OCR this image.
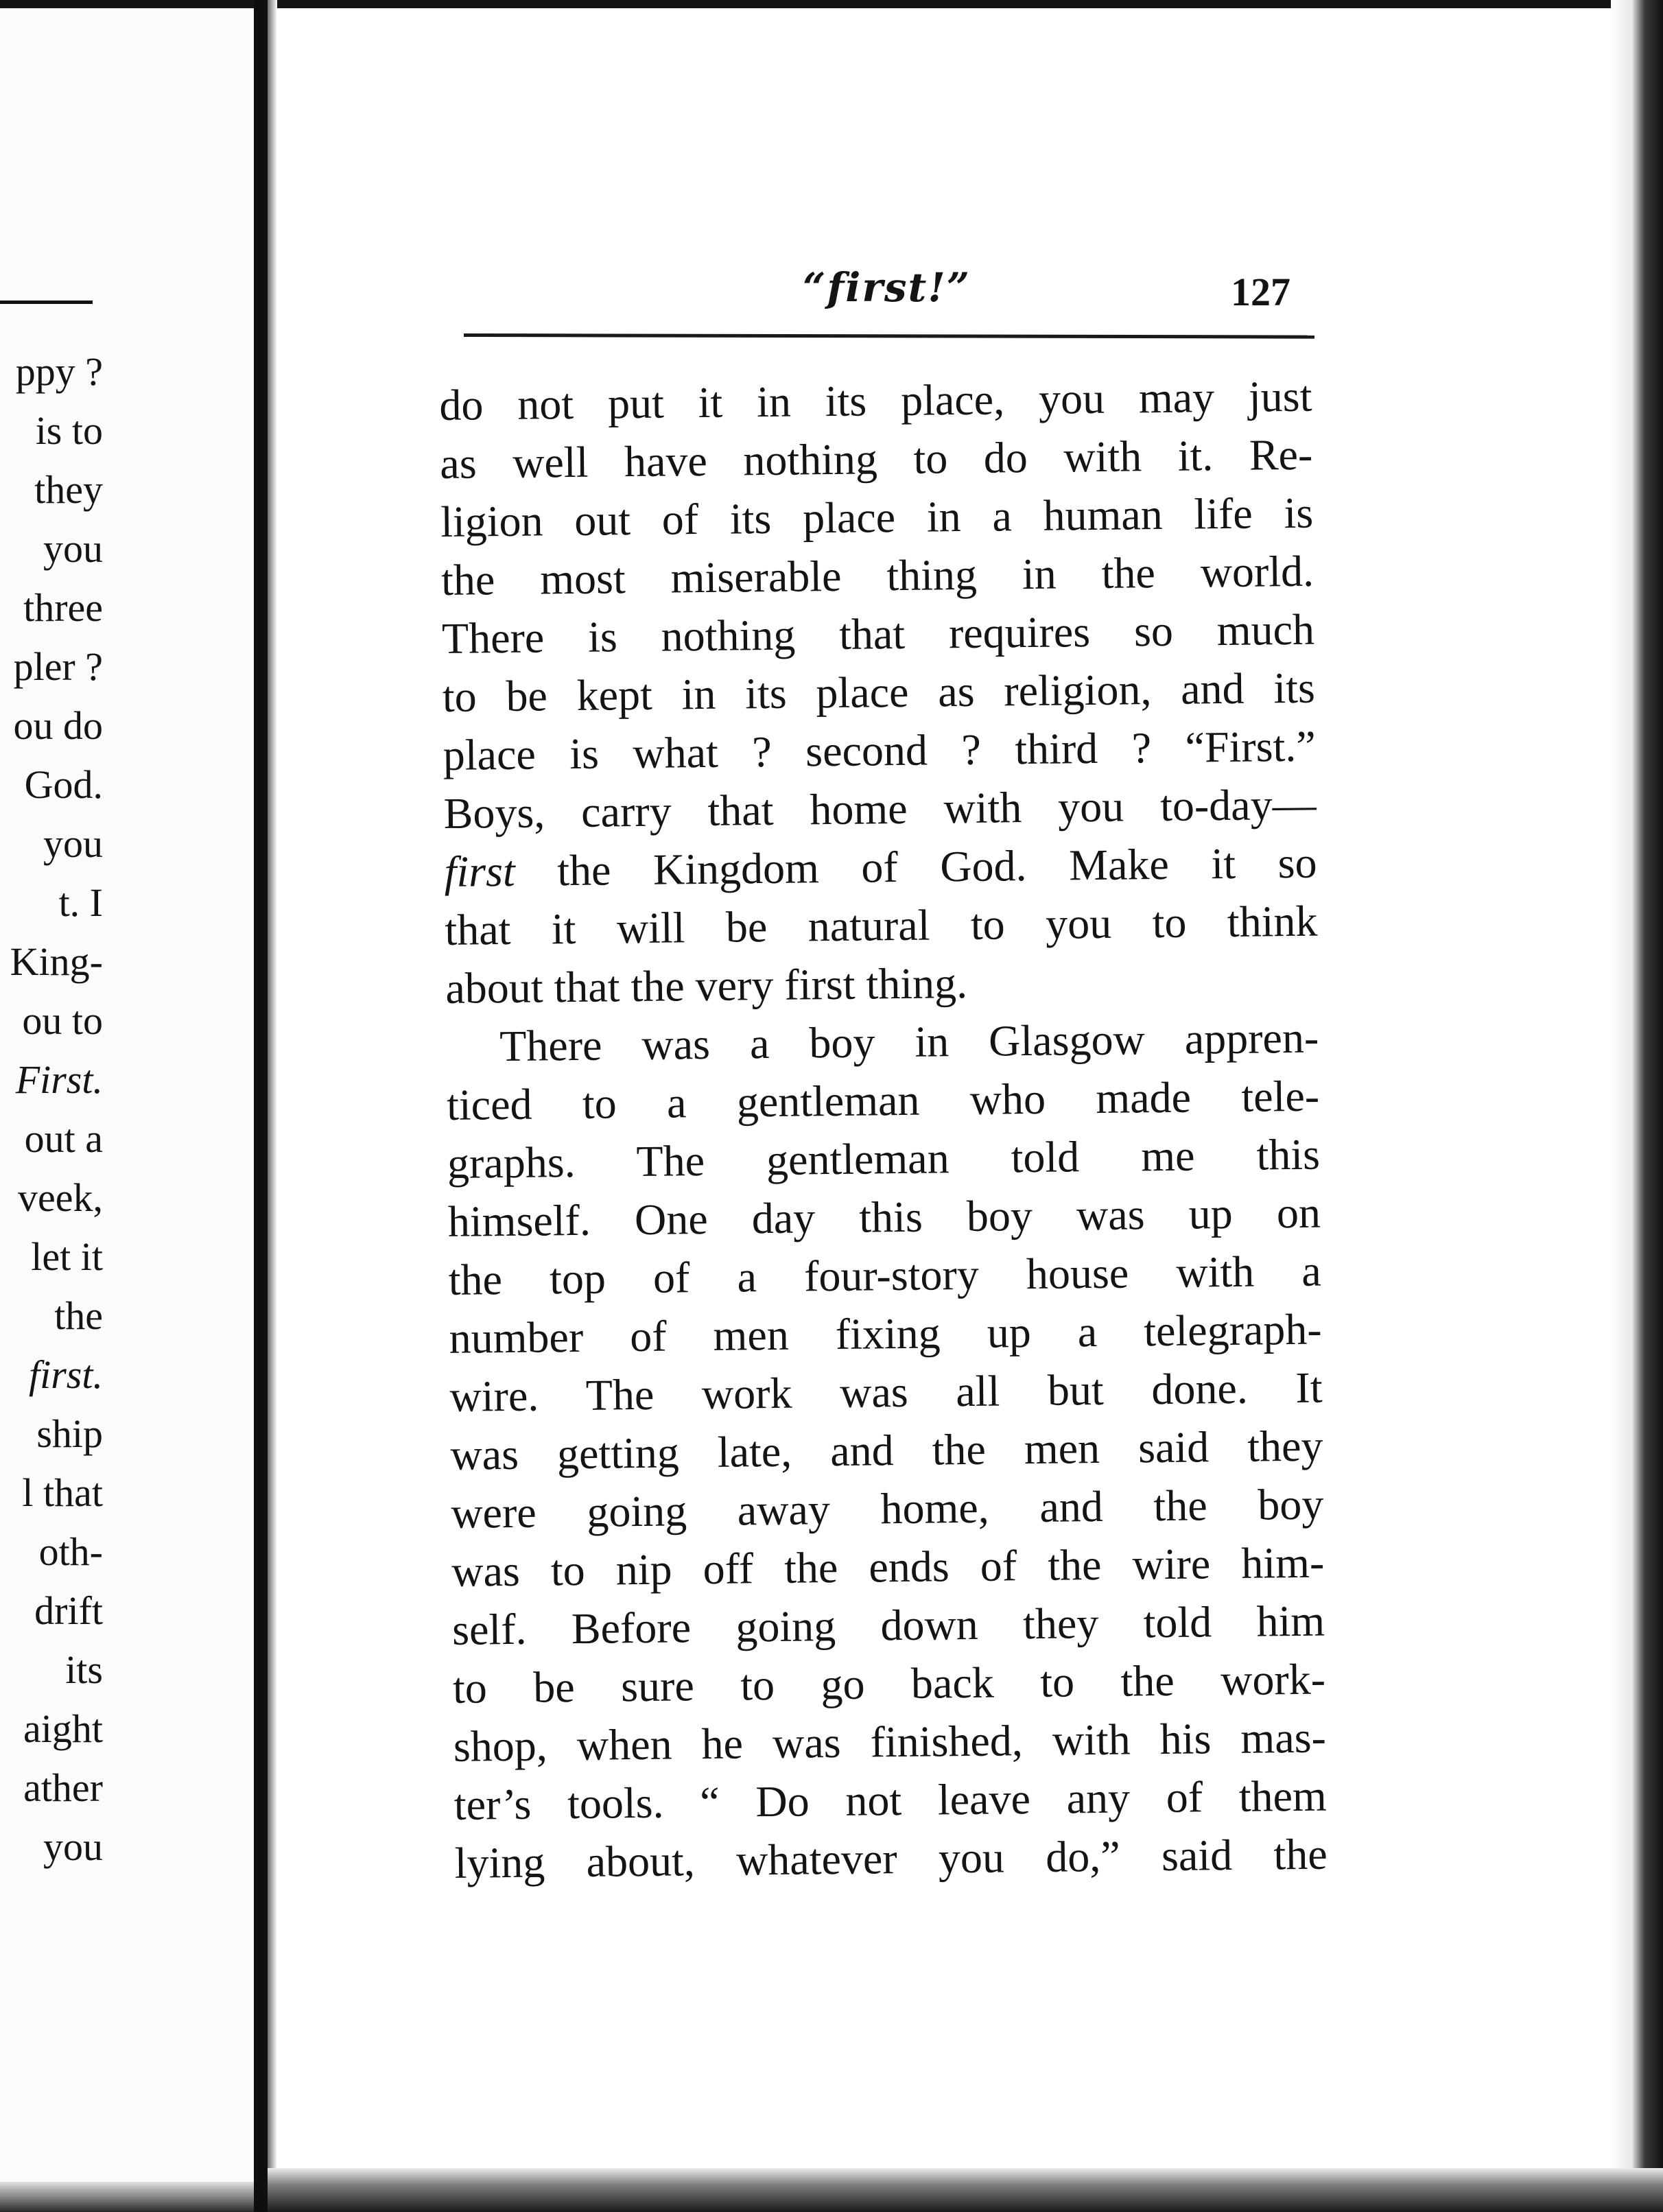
ppy ?
is to
they
you
three
pler ?
ou do
God.
you
t. I
King-
ou to
First.
out a
veek,
let it
the
first.
ship
l that
oth-
drift
its
aight
ather
you
“first!”	127
do not put it in its place, you may just
as well have nothing to do with it. Re-
ligion out of its place in a human life is
the most miserable thing in the world.
There is nothing that requires so much
to be kept in its place as religion, and its
place is what ? second ? third ? “First.”
Boys, carry that home with you to-day—
first the Kingdom of God. Make it so
that it will be natural to you to think
about that the very first thing.
There was a boy in Glasgow appren-
ticed to a gentleman who made tele-
graphs. The gentleman told me this
himself. One day this boy was up on
the top of a four-story house with a
number of men fixing up a telegraph-
wire. The work was all but done. It
was getting late, and the men said they
were going away home, and the boy
was to nip off the ends of the wire him-
self. Before going down they told him
to be sure to go back to the work-
shop, when he was finished, with his mas-
ter’s tools. “ Do not leave any of them
lying about, whatever you do,” said the
